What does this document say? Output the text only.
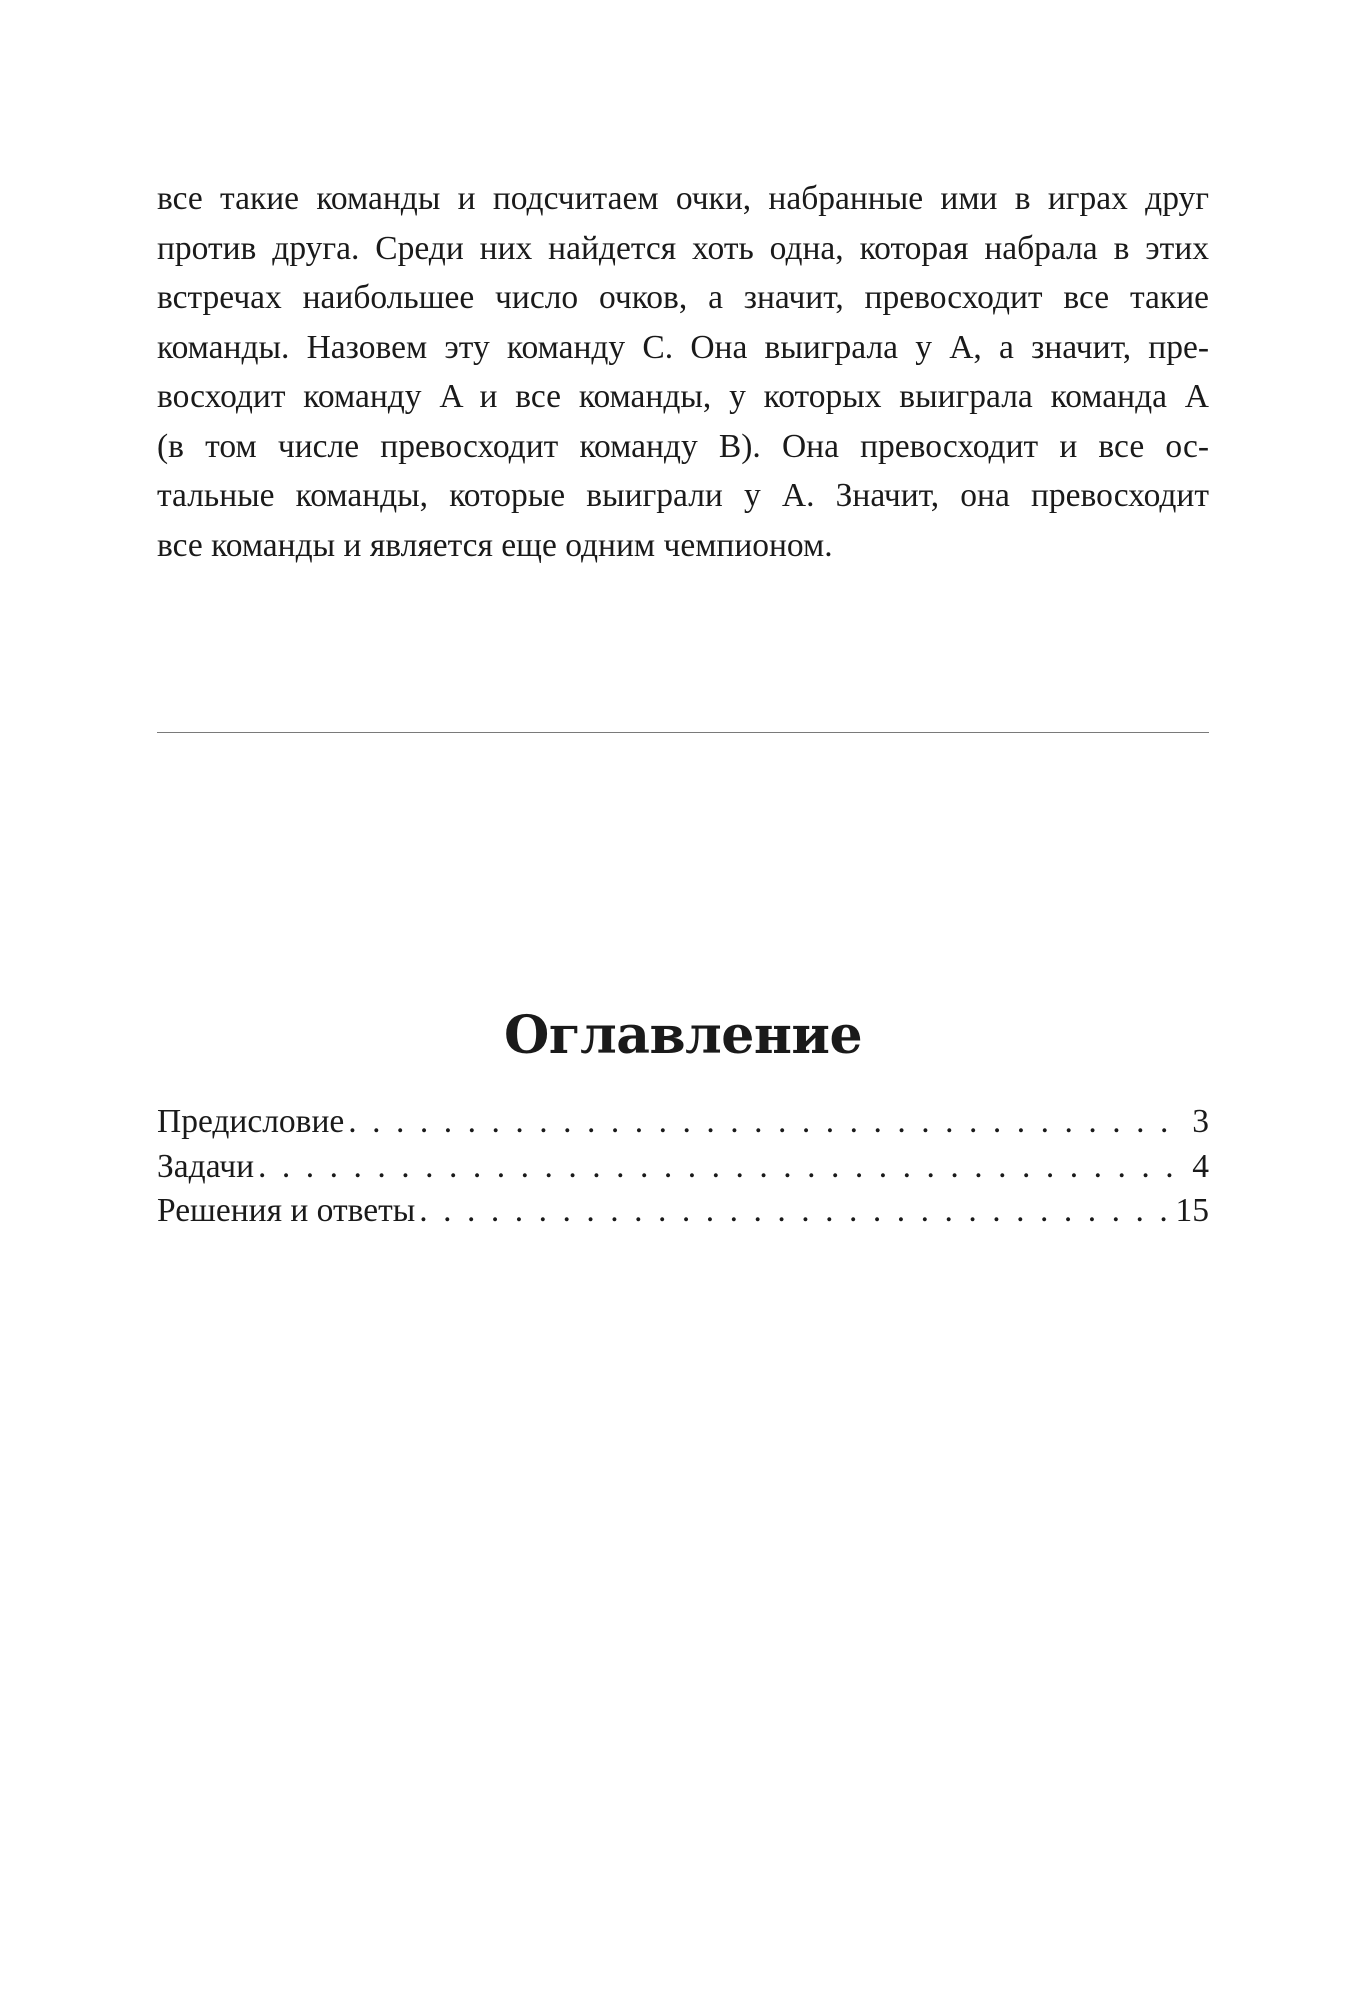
все такие команды и подсчитаем очки, набранные ими в играх друг
против друга. Среди них найдется хоть одна, которая набрала в этих
встречах наибольшее число очков, а значит, превосходит все такие
команды. Назовем эту команду C. Она выиграла у A, а значит, пре-
восходит команду A и все команды, у которых выиграла команда A
(в том числе превосходит команду B). Она превосходит и все ос-
тальные команды, которые выиграли у A. Значит, она превосходит
все команды и является еще одним чемпионом.
Оглавление
Предисловие .....	3
Задачи .....	4
Решения и ответы .....	15
